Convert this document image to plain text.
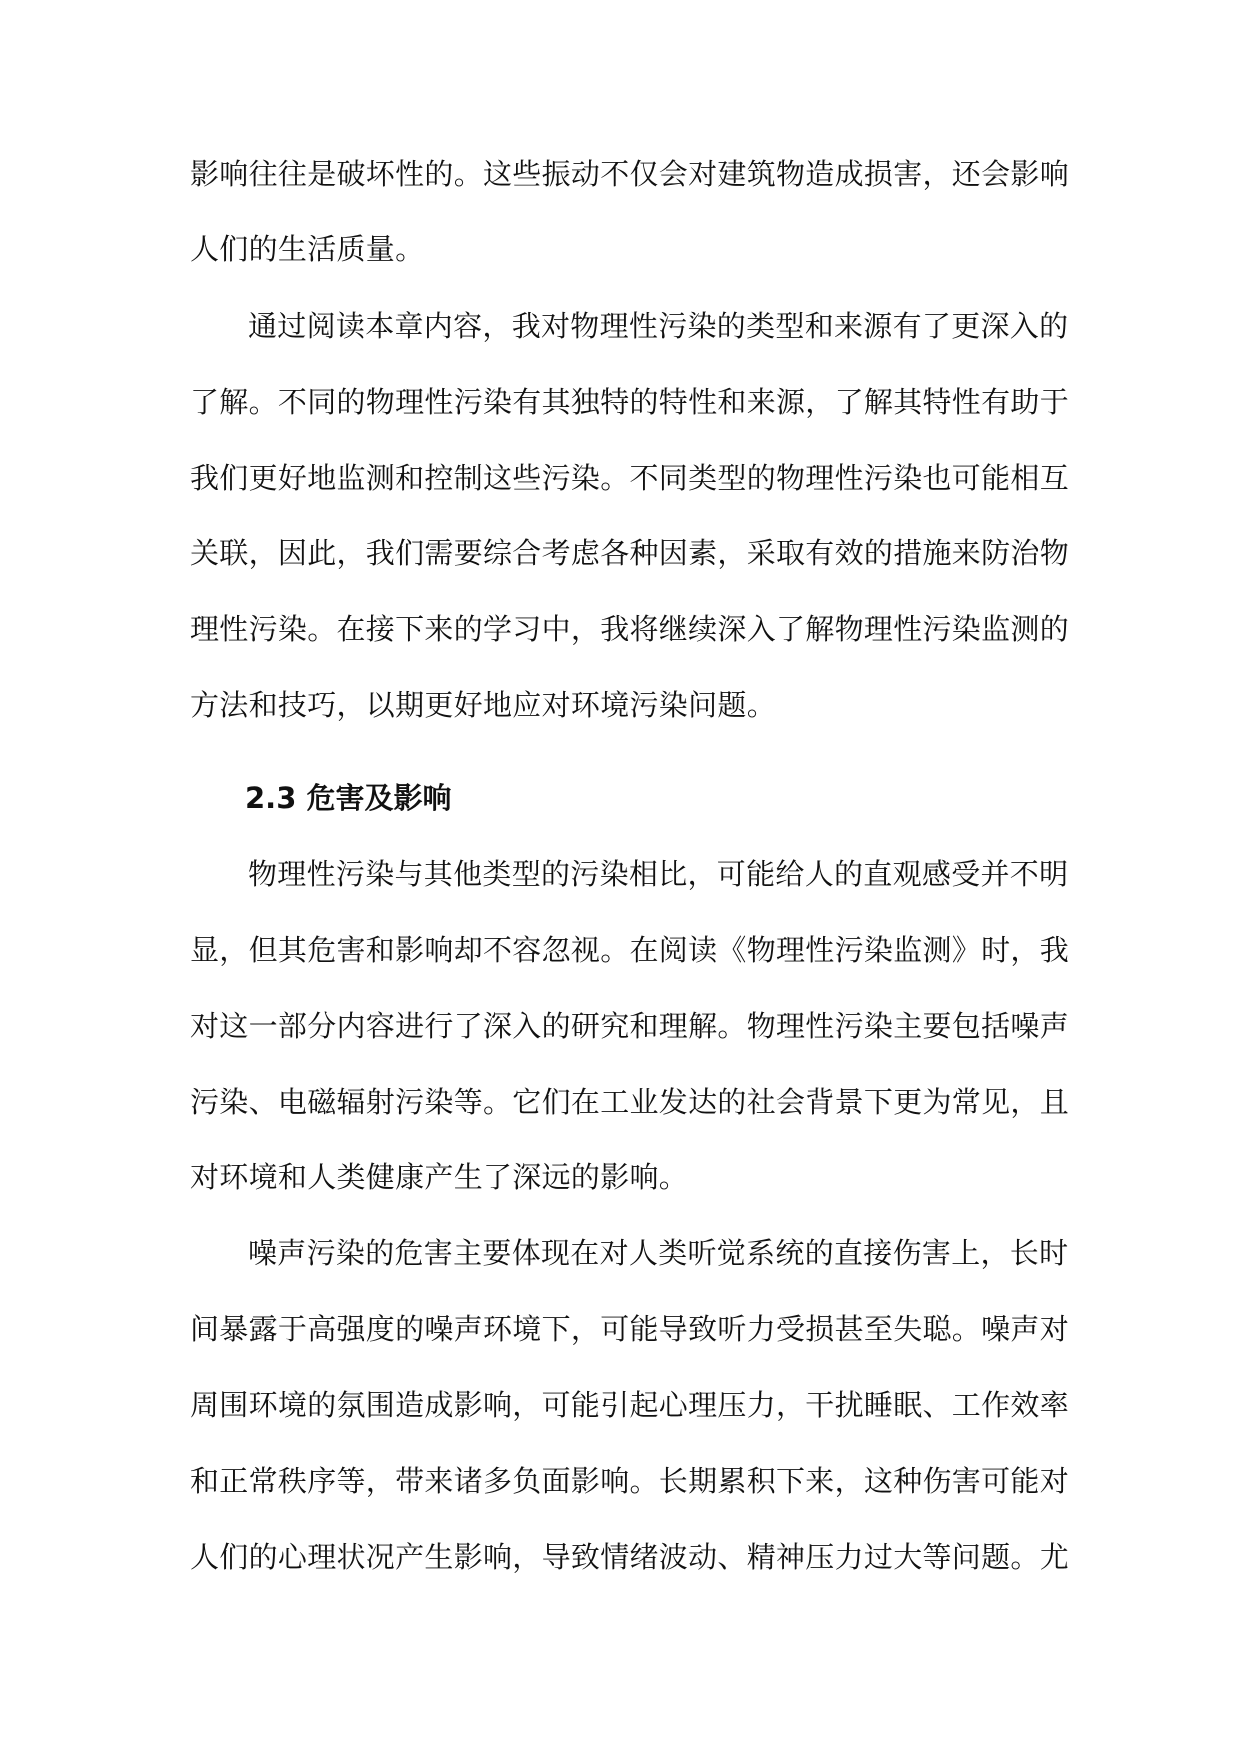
影响往往是破坏性的。这些振动不仅会对建筑物造成损害，还会影响
人们的生活质量。
通过阅读本章内容，我对物理性污染的类型和来源有了更深入的
了解。不同的物理性污染有其独特的特性和来源，了解其特性有助于
我们更好地监测和控制这些污染。不同类型的物理性污染也可能相互
关联，因此，我们需要综合考虑各种因素，采取有效的措施来防治物
理性污染。在接下来的学习中，我将继续深入了解物理性污染监测的
方法和技巧，以期更好地应对环境污染问题。
2.3 危害及影响
物理性污染与其他类型的污染相比，可能给人的直观感受并不明
显，但其危害和影响却不容忽视。在阅读《物理性污染监测》时，我
对这一部分内容进行了深入的研究和理解。物理性污染主要包括噪声
污染、电磁辐射污染等。它们在工业发达的社会背景下更为常见，且
对环境和人类健康产生了深远的影响。
噪声污染的危害主要体现在对人类听觉系统的直接伤害上，长时
间暴露于高强度的噪声环境下，可能导致听力受损甚至失聪。噪声对
周围环境的氛围造成影响，可能引起心理压力，干扰睡眠、工作效率
和正常秩序等，带来诸多负面影响。长期累积下来，这种伤害可能对
人们的心理状况产生影响，导致情绪波动、精神压力过大等问题。尤
